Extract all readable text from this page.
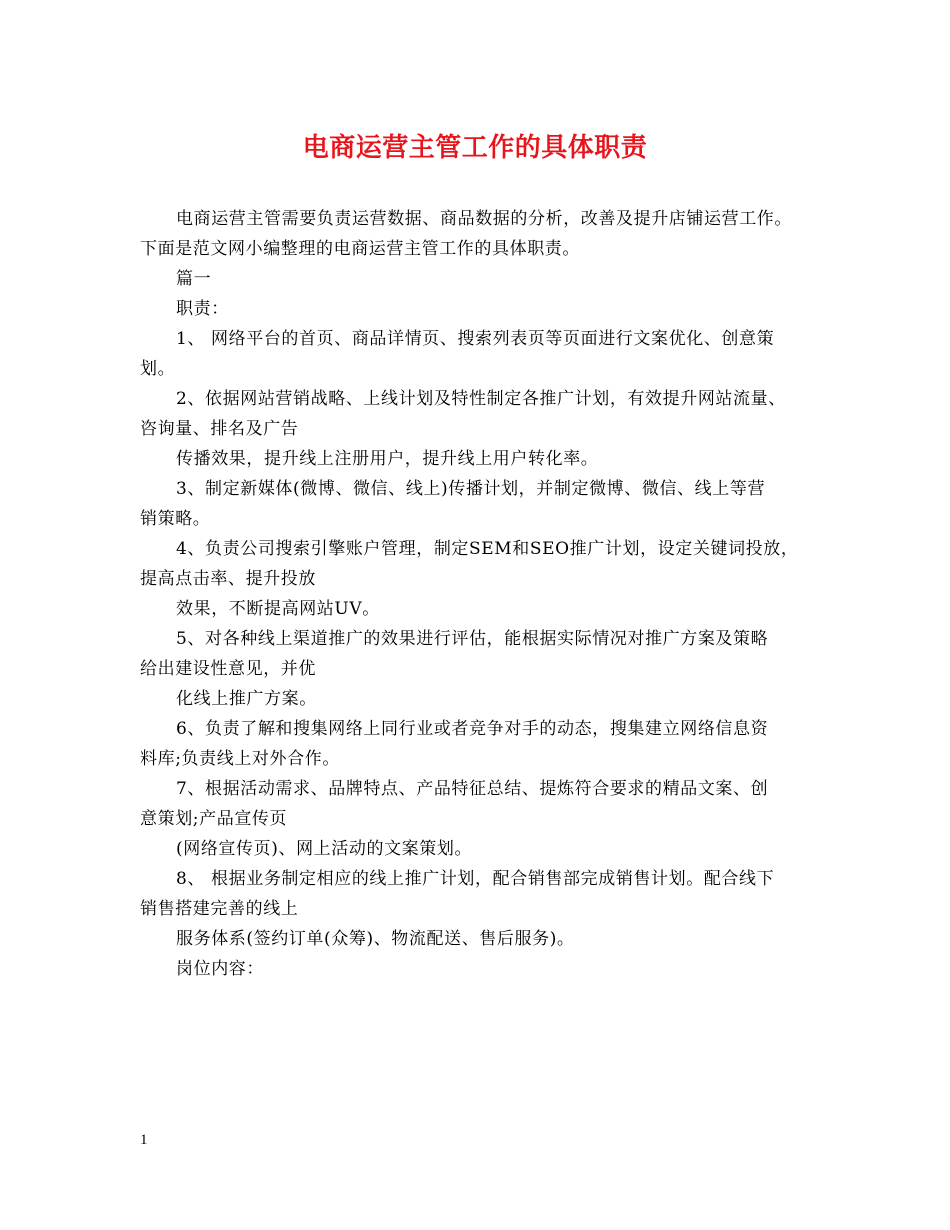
电商运营主管工作的具体职责
电商运营主管需要负责运营数据、商品数据的分析，改善及提升店铺运营工作。
下面是范文网小编整理的电商运营主管工作的具体职责。
篇一
职责：
1、 网络平台的首页、商品详情页、搜索列表页等页面进行文案优化、创意策
划。
2、依据网站营销战略、上线计划及特性制定各推广计划，有效提升网站流量、
咨询量、排名及广告
传播效果，提升线上注册用户，提升线上用户转化率。
3、制定新媒体(微博、微信、线上)传播计划，并制定微博、微信、线上等营
销策略。
4、负责公司搜索引擎账户管理，制定SEM和SEO推广计划，设定关键词投放，
提高点击率、提升投放
效果，不断提高网站UV。
5、对各种线上渠道推广的效果进行评估，能根据实际情况对推广方案及策略
给出建设性意见，并优
化线上推广方案。
6、负责了解和搜集网络上同行业或者竞争对手的动态，搜集建立网络信息资
料库;负责线上对外合作。
7、根据活动需求、品牌特点、产品特征总结、提炼符合要求的精品文案、创
意策划;产品宣传页
(网络宣传页)、网上活动的文案策划。
8、 根据业务制定相应的线上推广计划，配合销售部完成销售计划。配合线下
销售搭建完善的线上
服务体系(签约订单(众筹)、物流配送、售后服务)。
岗位内容：
1
